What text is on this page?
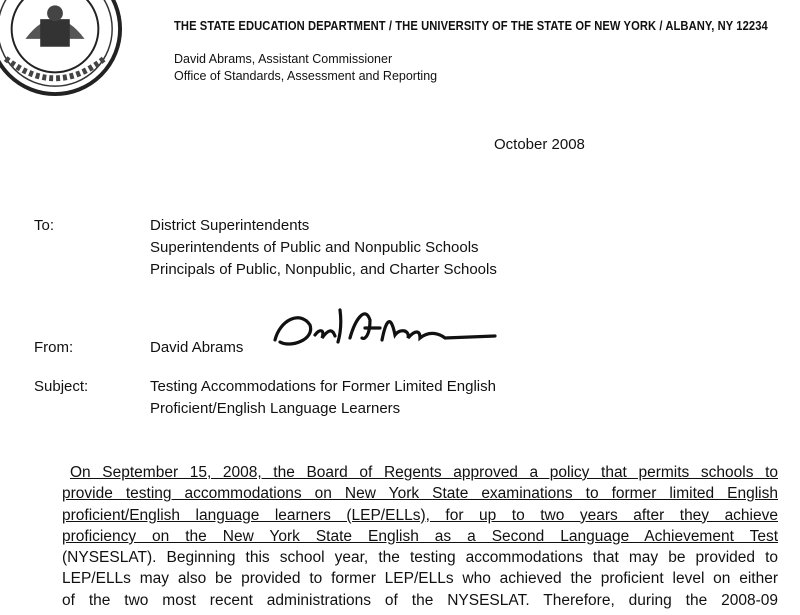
THE STATE EDUCATION DEPARTMENT / THE UNIVERSITY OF THE STATE OF NEW YORK / ALBANY, NY 12234
David Abrams, Assistant Commissioner
Office of Standards, Assessment and Reporting
October 2008
To:	District Superintendents
Superintendents of Public and Nonpublic Schools
Principals of Public, Nonpublic, and Charter Schools
From:	David Abrams
Subject:	Testing Accommodations for Former Limited English
Proficient/English Language Learners
On September 15, 2008, the Board of Regents approved a policy that permits schools to
provide testing accommodations on New York State examinations to former limited English
proficient/English language learners (LEP/ELLs), for up to two years after they achieve
proficiency on the New York State English as a Second Language Achievement Test
(NYSESLAT). Beginning this school year, the testing accommodations that may be provided to
LEP/ELLs may also be provided to former LEP/ELLs who achieved the proficient level on either
of the two most recent administrations of the NYSESLAT. Therefore, during the 2008-09
